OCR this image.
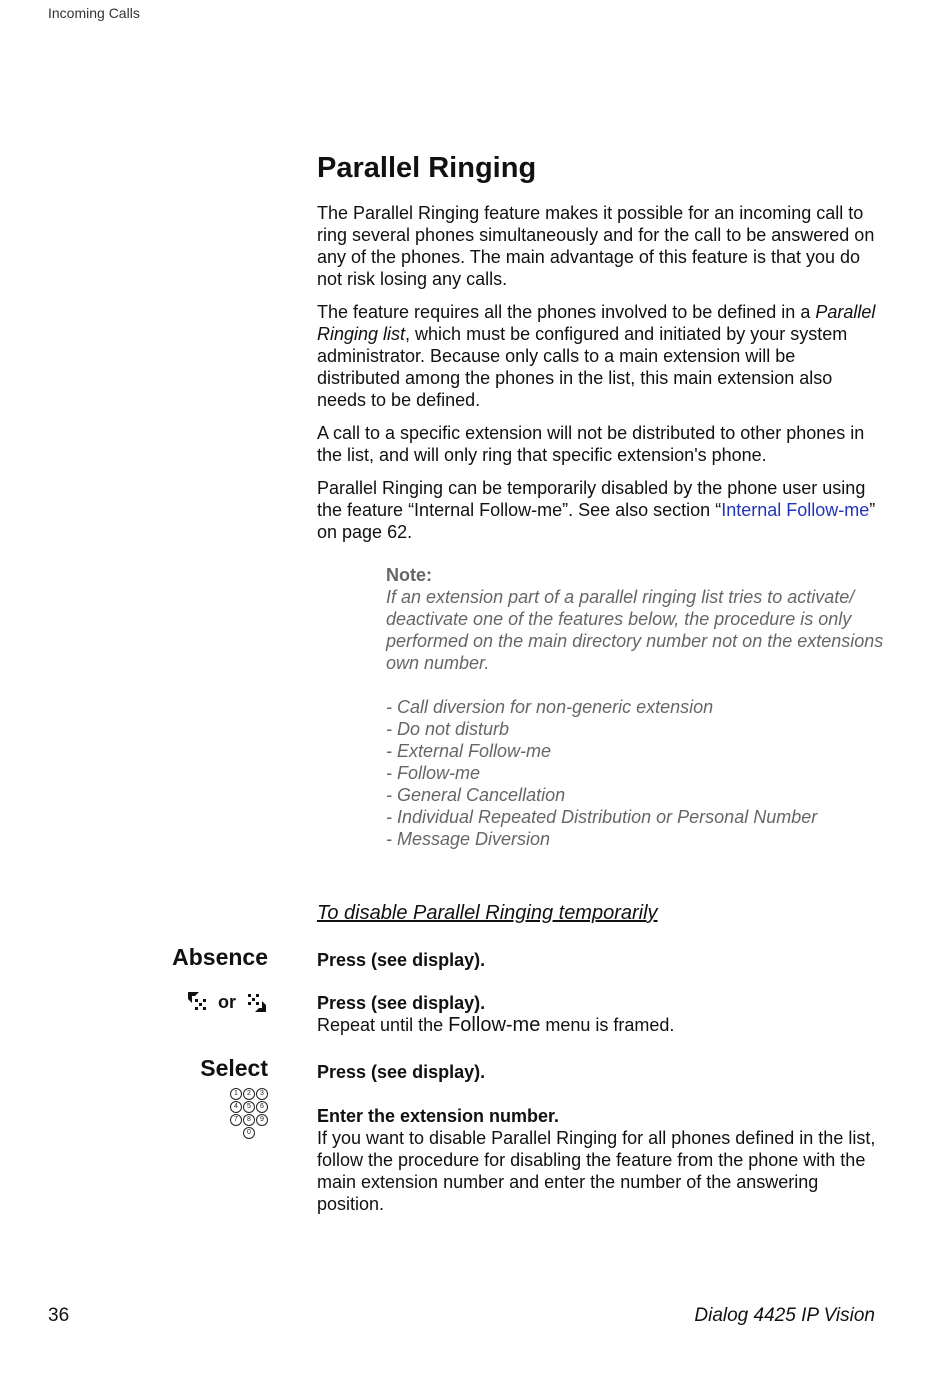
Incoming Calls
Parallel Ringing

The Parallel Ringing feature makes it possible for an incoming call to ring several phones simultaneously and for the call to be answered on any of the phones. The main advantage of this feature is that you do not risk losing any calls.

The feature requires all the phones involved to be defined in a Parallel Ringing list, which must be configured and initiated by your system administrator. Because only calls to a main extension will be distributed among the phones in the list, this main extension also needs to be defined.

A call to a specific extension will not be distributed to other phones in the list, and will only ring that specific extension's phone.

Parallel Ringing can be temporarily disabled by the phone user using the feature “Internal Follow-me”. See also section “Internal Follow-me” on page 62.

Note:
If an extension part of a parallel ringing list tries to activate/ deactivate one of the features below, the procedure is only performed on the main directory number not on the extensions own number.
- Call diversion for non-generic extension
- Do not disturb
- External Follow-me
- Follow-me
- General Cancellation
- Individual Repeated Distribution or Personal Number
- Message Diversion
To disable Parallel Ringing temporarily
Absence	Press (see display).
or	Press (see display).
Repeat until the Follow-me menu is framed.
Select	Press (see display).
1	2	3
4	5	6
7	8	9
0
Enter the extension number.
If you want to disable Parallel Ringing for all phones defined in the list, follow the procedure for disabling the feature from the phone with the main extension number and enter the number of the answering position.
36	Dialog 4425 IP Vision
